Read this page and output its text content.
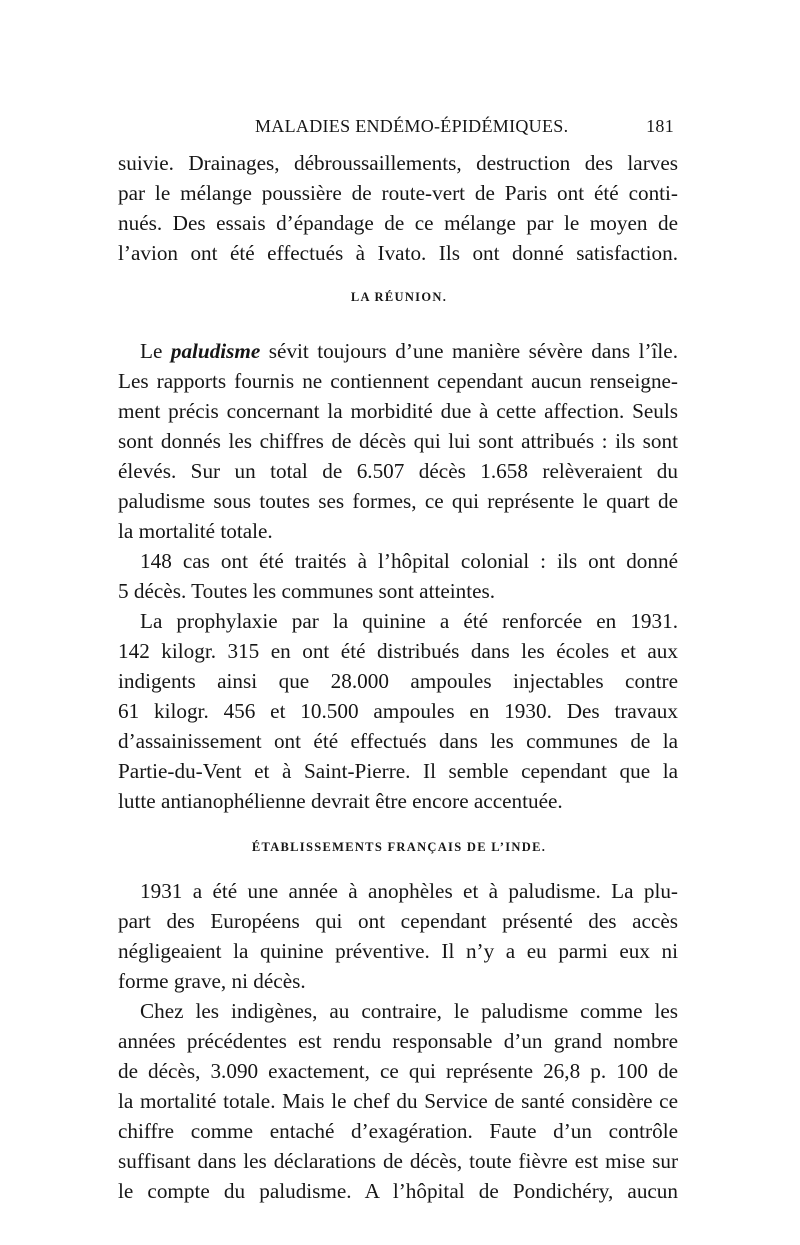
MALADIES ENDÉMO-ÉPIDÉMIQUES.	181
suivie. Drainages, débroussaillements, destruction des larves
par le mélange poussière de route-vert de Paris ont été conti-
nués. Des essais d’épandage de ce mélange par le moyen de
l’avion ont été effectués à Ivato. Ils ont donné satisfaction.
LA RÉUNION.
Le paludisme sévit toujours d’une manière sévère dans l’île.
Les rapports fournis ne contiennent cependant aucun renseigne-
ment précis concernant la morbidité due à cette affection. Seuls
sont donnés les chiffres de décès qui lui sont attribués : ils sont
élevés. Sur un total de 6.507 décès 1.658 relèveraient du
paludisme sous toutes ses formes, ce qui représente le quart de
la mortalité totale.
148 cas ont été traités à l’hôpital colonial : ils ont donné
5 décès. Toutes les communes sont atteintes.
La prophylaxie par la quinine a été renforcée en 1931.
142 kilogr. 315 en ont été distribués dans les écoles et aux
indigents ainsi que 28.000 ampoules injectables contre
61 kilogr. 456 et 10.500 ampoules en 1930. Des travaux
d’assainissement ont été effectués dans les communes de la
Partie-du-Vent et à Saint-Pierre. Il semble cependant que la
lutte antianophélienne devrait être encore accentuée.
ÉTABLISSEMENTS FRANÇAIS DE L’INDE.
1931 a été une année à anophèles et à paludisme. La plu-
part des Européens qui ont cependant présenté des accès
négligeaient la quinine préventive. Il n’y a eu parmi eux ni
forme grave, ni décès.
Chez les indigènes, au contraire, le paludisme comme les
années précédentes est rendu responsable d’un grand nombre
de décès, 3.090 exactement, ce qui représente 26,8 p. 100 de
la mortalité totale. Mais le chef du Service de santé considère ce
chiffre comme entaché d’exagération. Faute d’un contrôle
suffisant dans les déclarations de décès, toute fièvre est mise sur
le compte du paludisme. A l’hôpital de Pondichéry, aucun
